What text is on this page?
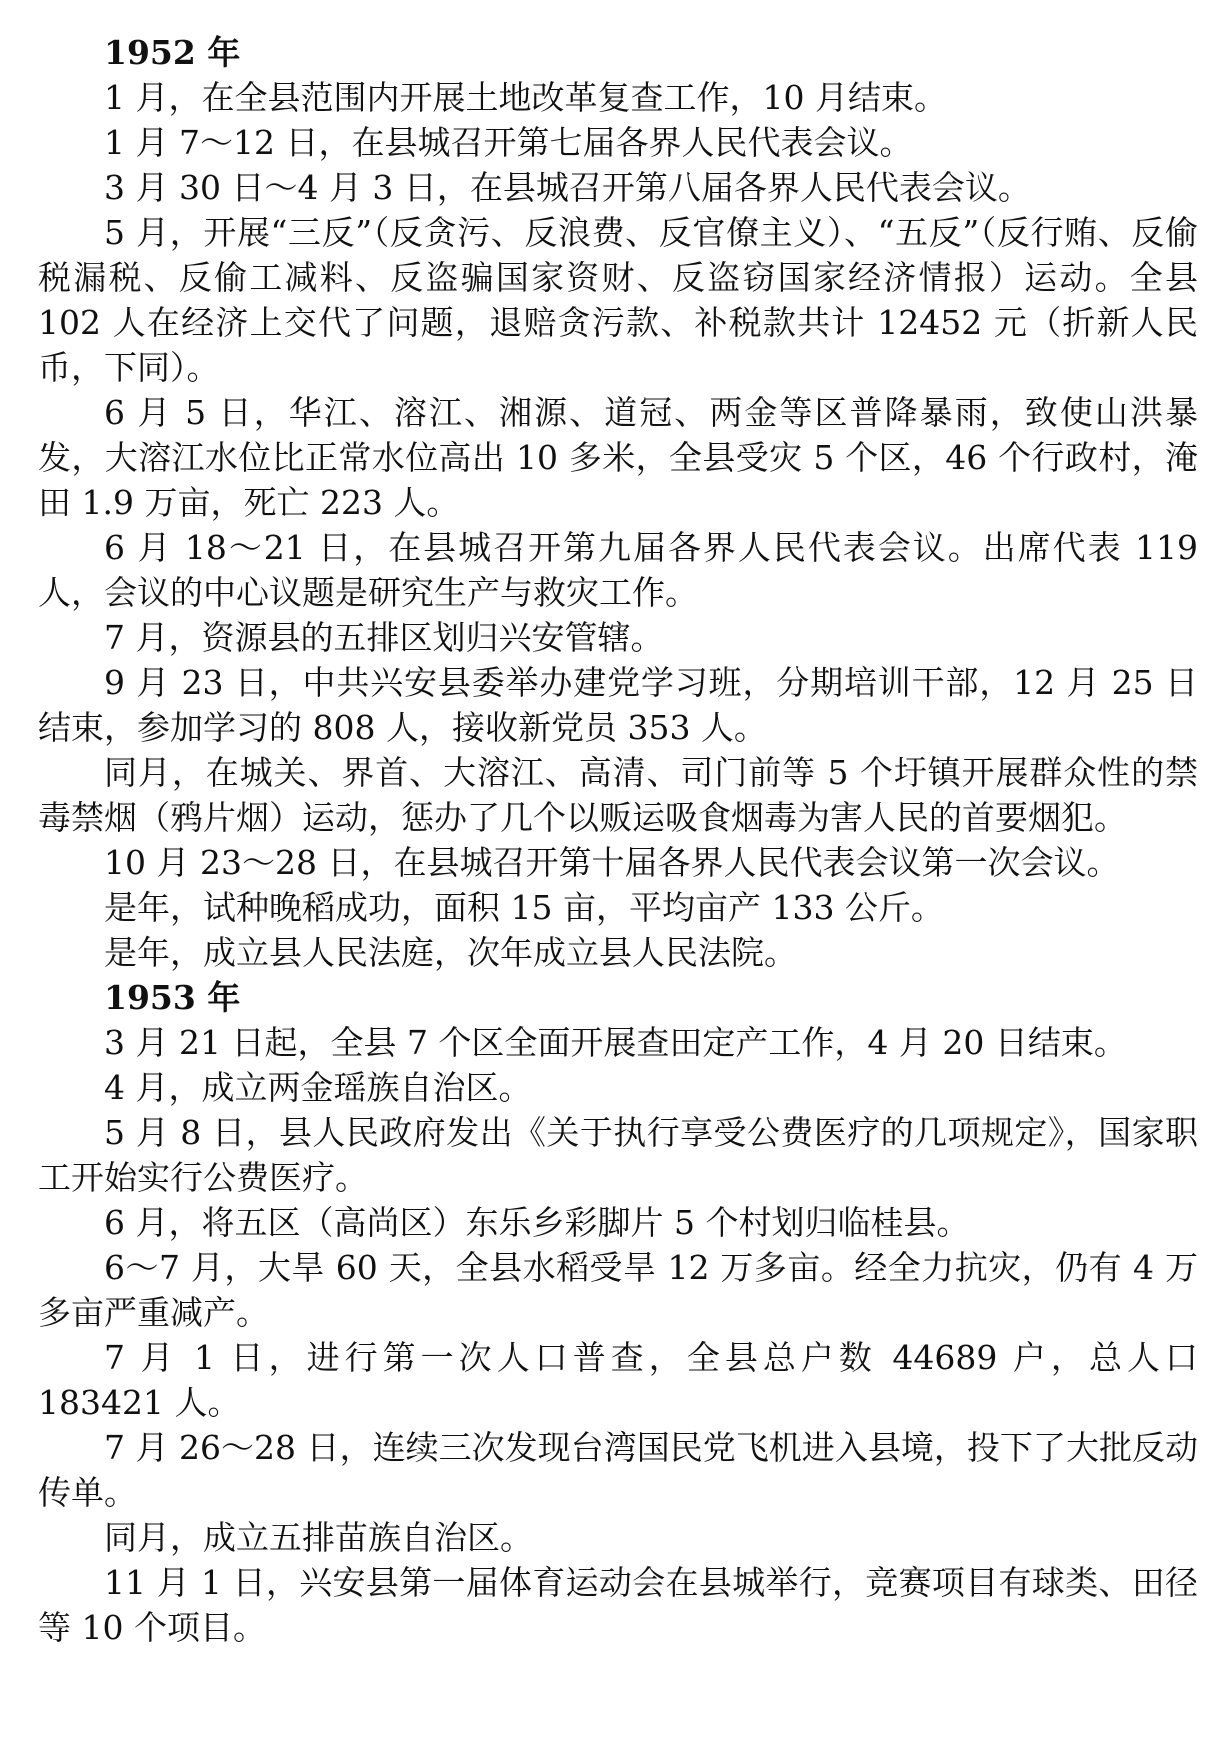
1952 年

1 月，在全县范围内开展土地改革复查工作，10 月结束。

1 月 7～12 日，在县城召开第七届各界人民代表会议。

3 月 30 日～4 月 3 日，在县城召开第八届各界人民代表会议。

5 月，开展“三反”（反贪污、反浪费、反官僚主义）、“五反”（反行贿、反偷税漏税、反偷工减料、反盗骗国家资财、反盗窃国家经济情报）运动。全县 102 人在经济上交代了问题，退赔贪污款、补税款共计 12452 元（折新人民币，下同）。

6 月 5 日，华江、溶江、湘源、道冠、两金等区普降暴雨，致使山洪暴发，大溶江水位比正常水位高出 10 多米，全县受灾 5 个区，46 个行政村，淹田 1.9 万亩，死亡 223 人。

6 月 18～21 日，在县城召开第九届各界人民代表会议。出席代表 119 人，会议的中心议题是研究生产与救灾工作。

7 月，资源县的五排区划归兴安管辖。

9 月 23 日，中共兴安县委举办建党学习班，分期培训干部，12 月 25 日结束，参加学习的 808 人，接收新党员 353 人。

同月，在城关、界首、大溶江、高清、司门前等 5 个圩镇开展群众性的禁毒禁烟（鸦片烟）运动，惩办了几个以贩运吸食烟毒为害人民的首要烟犯。

10 月 23～28 日，在县城召开第十届各界人民代表会议第一次会议。

是年，试种晚稻成功，面积 15 亩，平均亩产 133 公斤。

是年，成立县人民法庭，次年成立县人民法院。

1953 年

3 月 21 日起，全县 7 个区全面开展查田定产工作，4 月 20 日结束。

4 月，成立两金瑶族自治区。

5 月 8 日，县人民政府发出《关于执行享受公费医疗的几项规定》，国家职工开始实行公费医疗。

6 月，将五区（高尚区）东乐乡彩脚片 5 个村划归临桂县。

6～7 月，大旱 60 天，全县水稻受旱 12 万多亩。经全力抗灾，仍有 4 万多亩严重减产。

7 月 1 日，进行第一次人口普查，全县总户数 44689 户，总人口 183421 人。

7 月 26～28 日，连续三次发现台湾国民党飞机进入县境，投下了大批反动传单。

同月，成立五排苗族自治区。

11 月 1 日，兴安县第一届体育运动会在县城举行，竞赛项目有球类、田径等 10 个项目。
